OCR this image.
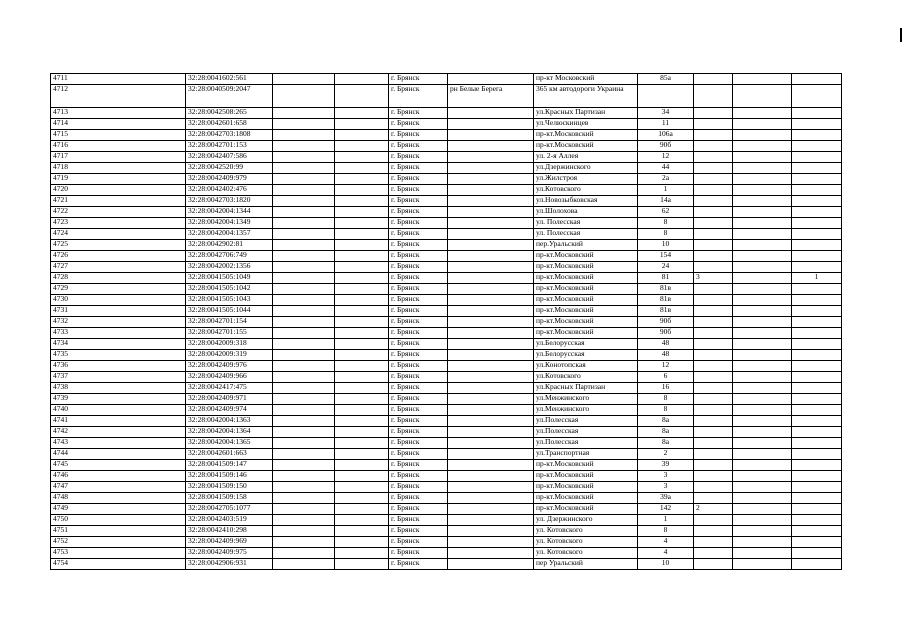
4711	32:28:0041602:561			г. Брянск		пр-кт Московский	85а			
4712	32:28:0040509:2047			г. Брянск	рн Белые Берега	365 км автодороги Украина				
4713	32:28:0042508:265			г. Брянск		ул.Красных Партизан	34			
4714	32:28:0042601:658			г. Брянск		ул.Челюскинцев	11			
4715	32:28:0042703:1808			г. Брянск		пр-кт.Московский	106а			
4716	32:28:0042701:153			г. Брянск		пр-кт.Московский	90б			
4717	32:28:0042407:586			г. Брянск		ул. 2-я Аллея	12			
4718	32:28:0042520:99			г. Брянск		ул.Дзержинского	44			
4719	32:28:0042409:979			г. Брянск		ул.Жилстроя	2а			
4720	32:28:0042402:476			г. Брянск		ул.Котовского	1			
4721	32:28:0042703:1820			г. Брянск		ул.Новозыбковская	14а			
4722	32:28:0042004:1344			г. Брянск		ул.Шолохова	62			
4723	32:28:0042004:1349			г. Брянск		ул. Полесская	8			
4724	32:28:0042004:1357			г. Брянск		ул. Полесская	8			
4725	32:28:0042902:81			г. Брянск		пер.Уральский	10			
4726	32:28:0042706:749			г. Брянск		пр-кт.Московский	154			
4727	32:28:0042002:1356			г. Брянск		пр-кт.Московский	24			
4728	32:28:0041505:1049			г. Брянск		пр-кт.Московский	81	3		1
4729	32:28:0041505:1042			г. Брянск		пр-кт.Московский	81в			
4730	32:28:0041505:1043			г. Брянск		пр-кт.Московский	81в			
4731	32:28:0041505:1044			г. Брянск		пр-кт.Московский	81в			
4732	32:28:0042701:154			г. Брянск		пр-кт.Московский	90б			
4733	32:28:0042701:155			г. Брянск		пр-кт.Московский	90б			
4734	32:28:0042009:318			г. Брянск		ул.Белорусская	48			
4735	32:28:0042009:319			г. Брянск		ул.Белорусская	48			
4736	32:28:0042409:976			г. Брянск		ул.Конотопская	12			
4737	32:28:0042409:966			г. Брянск		ул.Котовского	6			
4738	32:28:0042417:475			г. Брянск		ул.Красных Партизан	16			
4739	32:28:0042409:971			г. Брянск		ул.Менжинского	8			
4740	32:28:0042409:974			г. Брянск		ул.Менжинского	8			
4741	32:28:0042004:1363			г. Брянск		ул.Полесская	8а			
4742	32:28:0042004:1364			г. Брянск		ул.Полесская	8а			
4743	32:28:0042004:1365			г. Брянск		ул.Полесская	8а			
4744	32:28:0042601:663			г. Брянск		ул.Транспортная	2			
4745	32:28:0041509:147			г. Брянск		пр-кт.Московский	39			
4746	32:28:0041509:146			г. Брянск		пр-кт.Московский	3			
4747	32:28:0041509:150			г. Брянск		пр-кт.Московский	3			
4748	32:28:0041509:158			г. Брянск		пр-кт.Московский	39а			
4749	32:28:0042705:1077			г. Брянск		пр-кт.Московский	142	2		
4750	32:28:0042403:519			г. Брянск		ул. Дзержинского	1			
4751	32:28:0042410:298			г. Брянск		ул. Котовского	8			
4752	32:28:0042409:969			г. Брянск		ул. Котовского	4			
4753	32:28:0042409:975			г. Брянск		ул. Котовского	4			
4754	32:28:0042906:931			г. Брянск		пер Уральский	10			
